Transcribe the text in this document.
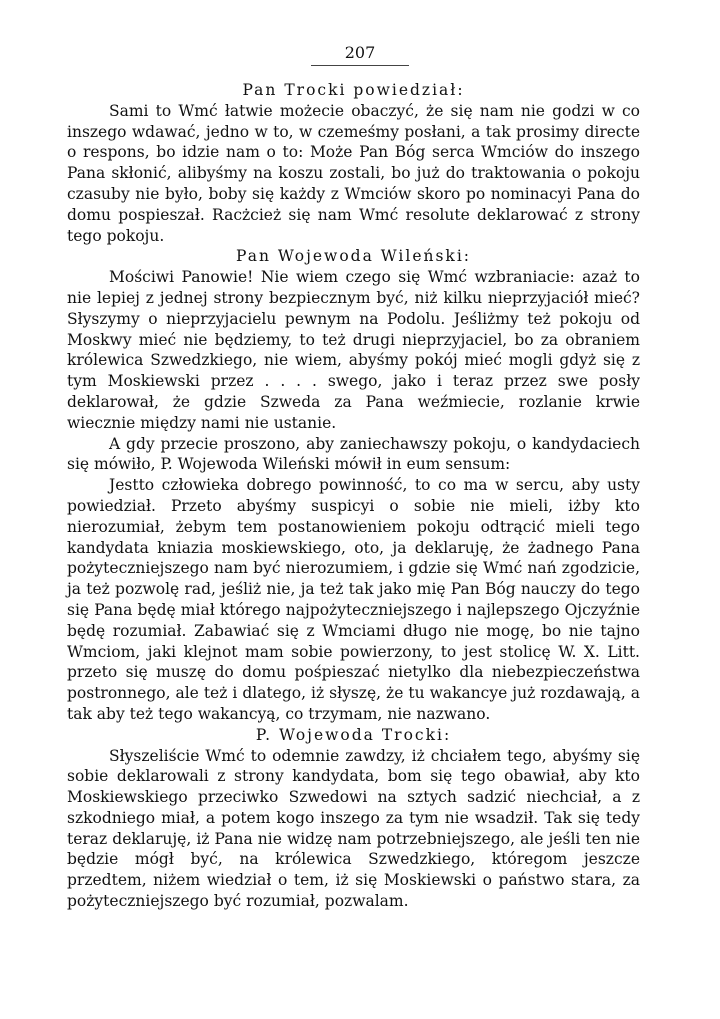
207
Pan Trocki powiedział:

Sami to Wmć łatwie możecie obaczyć, że się nam nie godzi w co inszego wdawać, jedno w to, w czemeśmy posłani, a tak prosimy directe o respons, bo idzie nam o to: Może Pan Bóg serca Wmciów do inszego Pana skłonić, alibyśmy na koszu zostali, bo już do traktowania o pokoju czasuby nie było, boby się każdy z Wmciów skoro po nominacyi Pana do domu pospieszał. Racżcież się nam Wmć resolute deklarować z strony tego pokoju.

Pan Wojewoda Wileński:

Mościwi Panowie! Nie wiem czego się Wmć wzbraniacie: azaż to nie lepiej z jednej strony bezpiecznym być, niż kilku nieprzyjaciół mieć? Słyszymy o nieprzyjacielu pewnym na Podolu. Jeśliżmy też pokoju od Moskwy mieć nie będziemy, to też drugi nieprzyjaciel, bo za obraniem królewica Szwedzkiego, nie wiem, abyśmy pokój mieć mogli gdyż się z tym Moskiewski przez . . . . swego, jako i teraz przez swe posły deklarował, że gdzie Szweda za Pana weźmiecie, rozlanie krwie wiecznie między nami nie ustanie.

A gdy przecie proszono, aby zaniechawszy pokoju, o kandydaciech się mówiło, P. Wojewoda Wileński mówił in eum sensum:

Jestto człowieka dobrego powinność, to co ma w sercu, aby usty powiedział. Przeto abyśmy suspicyi o sobie nie mieli, iżby kto nierozumiał, żebym tem postanowieniem pokoju odtrącić mieli tego kandydata kniazia moskiewskiego, oto, ja deklaruję, że żadnego Pana pożyteczniejszego nam być nierozumiem, i gdzie się Wmć nań zgodzicie, ja też pozwolę rad, jeśliż nie, ja też tak jako mię Pan Bóg nauczy do tego się Pana będę miał którego najpożyteczniejszego i najlepszego Ojczyźnie będę rozumiał. Zabawiać się z Wmciami długo nie mogę, bo nie tajno Wmciom, jaki klejnot mam sobie powierzony, to jest stolicę W. X. Litt. przeto się muszę do domu pośpieszać nietylko dla niebezpieczeństwa postronnego, ale też i dlatego, iż słyszę, że tu wakancye już rozdawają, a tak aby też tego wakancyą, co trzymam, nie nazwano.

P. Wojewoda Trocki:

Słyszeliście Wmć to odemnie zawdzy, iż chciałem tego, abyśmy się sobie deklarowali z strony kandydata, bom się tego obawiał, aby kto Moskiewskiego przeciwko Szwedowi na sztych sadzić niechciał, a z szkodniego miał, a potem kogo inszego za tym nie wsadził. Tak się tedy teraz deklaruję, iż Pana nie widzę nam potrzebniejszego, ale jeśli ten nie będzie mógł być, na królewica Szwedzkiego, któregom jeszcze przedtem, niżem wiedział o tem, iż się Moskiewski o państwo stara, za pożyteczniejszego być rozumiał, pozwalam.
